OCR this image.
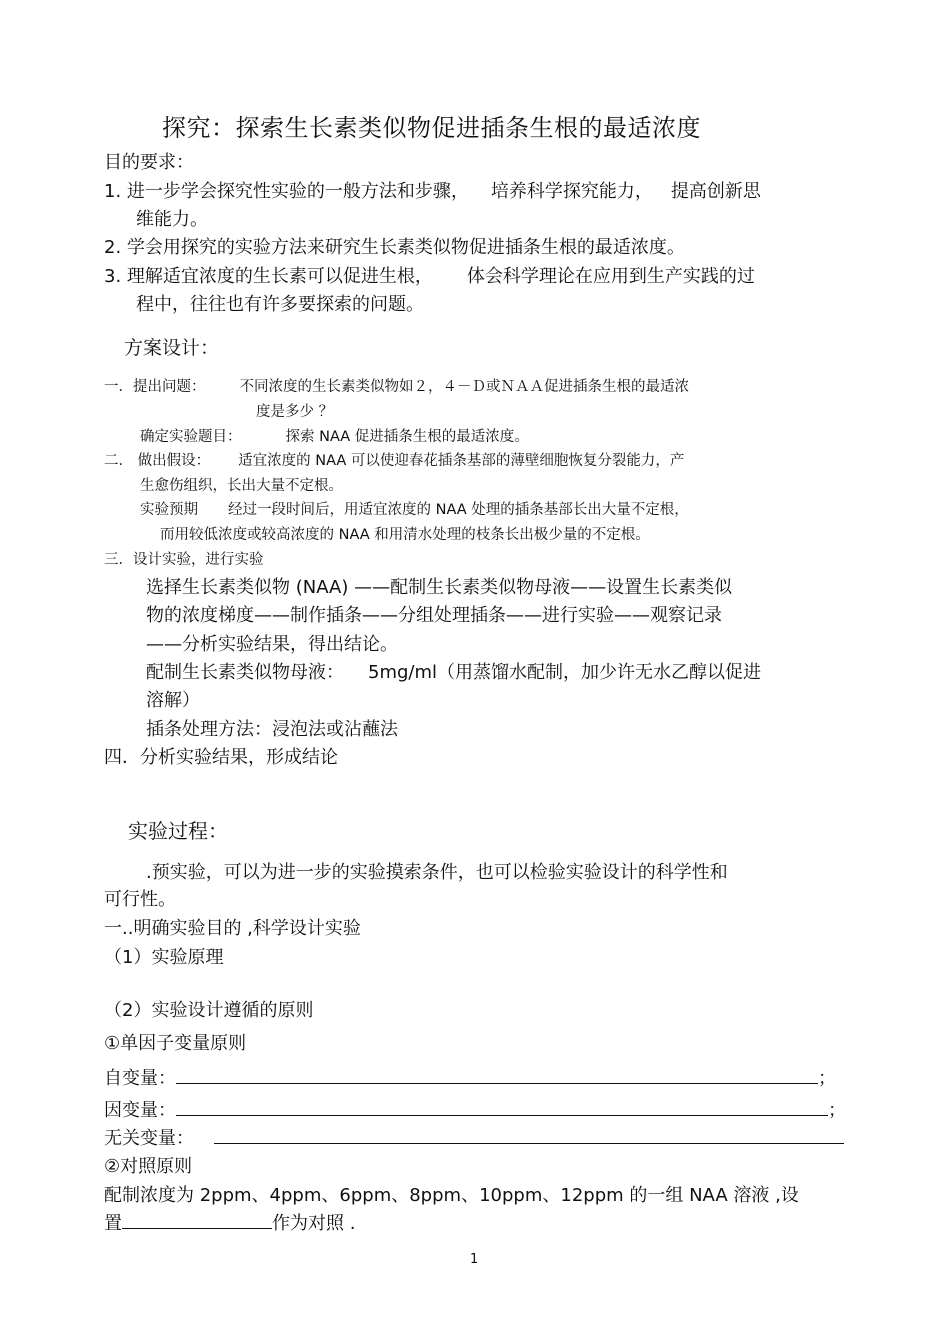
探究：探索生长素类似物促进插条生根的最适浓度
目的要求：
1. 进一步学会探究性实验的一般方法和步骤， 培养科学探究能力， 提高创新思
维能力。
2. 学会用探究的实验方法来研究生长素类似物促进插条生根的最适浓度。
3. 理解适宜浓度的生长素可以促进生根， 体会科学理论在应用到生产实践的过
程中，往往也有许多要探索的问题。
方案设计：
一．提出问题： 不同浓度的生长素类似物如２，４－Ｄ或ＮＡＡ促进插条生根的最适浓
度是多少 ？
确定实验题目：	探索 NAA 促进插条生根的最适浓度。
二． 做出假设： 适宜浓度的 NAA 可以使迎春花插条基部的薄壁细胞恢复分裂能力，产
生愈伤组织，长出大量不定根。
实验预期 经过一段时间后，用适宜浓度的 NAA 处理的插条基部长出大量不定根，
而用较低浓度或较高浓度的 NAA 和用清水处理的枝条长出极少量的不定根。
三．设计实验，进行实验
选择生长素类似物 (NAA) ——配制生长素类似物母液——设置生长素类似
物的浓度梯度——制作插条——分组处理插条——进行实验——观察记录
——分析实验结果，得出结论。
配制生长素类似物母液： 5mg/ml（用蒸馏水配制，加少许无水乙醇以促进
溶解）
插条处理方法：浸泡法或沾蘸法
四．分析实验结果，形成结论
实验过程：
.预实验，可以为进一步的实验摸索条件，也可以检验实验设计的科学性和
可行性。
一..明确实验目的 ,科学设计实验
（1）实验原理
（2）实验设计遵循的原则
①单因子变量原则
自变量：	；
因变量：	；
无关变量：
②对照原则
配制浓度为 2ppm、4ppm、6ppm、8ppm、10ppm、12ppm 的一组 NAA 溶液 ,设
置	作为对照 .
1
